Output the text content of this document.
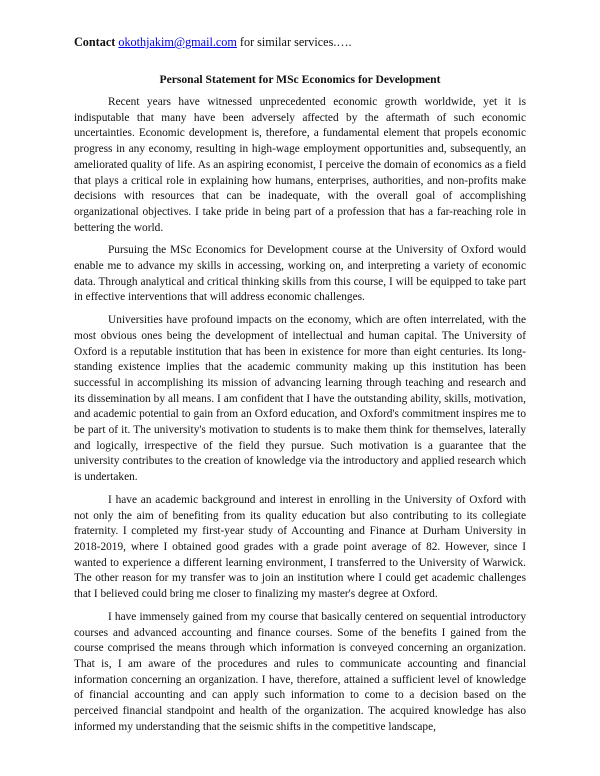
Contact okothjakim@gmail.com for similar services.….

Personal Statement for MSc Economics for Development

Recent years have witnessed unprecedented economic growth worldwide, yet it is indisputable that many have been adversely affected by the aftermath of such economic uncertainties. Economic development is, therefore, a fundamental element that propels economic progress in any economy, resulting in high-wage employment opportunities and, subsequently, an ameliorated quality of life. As an aspiring economist, I perceive the domain of economics as a field that plays a critical role in explaining how humans, enterprises, authorities, and non-profits make decisions with resources that can be inadequate, with the overall goal of accomplishing organizational objectives. I take pride in being part of a profession that has a far-reaching role in bettering the world.

Pursuing the MSc Economics for Development course at the University of Oxford would enable me to advance my skills in accessing, working on, and interpreting a variety of economic data. Through analytical and critical thinking skills from this course, I will be equipped to take part in effective interventions that will address economic challenges.

Universities have profound impacts on the economy, which are often interrelated, with the most obvious ones being the development of intellectual and human capital. The University of Oxford is a reputable institution that has been in existence for more than eight centuries. Its long-standing existence implies that the academic community making up this institution has been successful in accomplishing its mission of advancing learning through teaching and research and its dissemination by all means. I am confident that I have the outstanding ability, skills, motivation, and academic potential to gain from an Oxford education, and Oxford's commitment inspires me to be part of it. The university's motivation to students is to make them think for themselves, laterally and logically, irrespective of the field they pursue. Such motivation is a guarantee that the university contributes to the creation of knowledge via the introductory and applied research which is undertaken.

I have an academic background and interest in enrolling in the University of Oxford with not only the aim of benefiting from its quality education but also contributing to its collegiate fraternity. I completed my first-year study of Accounting and Finance at Durham University in 2018-2019, where I obtained good grades with a grade point average of 82. However, since I wanted to experience a different learning environment, I transferred to the University of Warwick. The other reason for my transfer was to join an institution where I could get academic challenges that I believed could bring me closer to finalizing my master's degree at Oxford.

I have immensely gained from my course that basically centered on sequential introductory courses and advanced accounting and finance courses. Some of the benefits I gained from the course comprised the means through which information is conveyed concerning an organization. That is, I am aware of the procedures and rules to communicate accounting and financial information concerning an organization. I have, therefore, attained a sufficient level of knowledge of financial accounting and can apply such information to come to a decision based on the perceived financial standpoint and health of the organization. The acquired knowledge has also informed my understanding that the seismic shifts in the competitive landscape,
